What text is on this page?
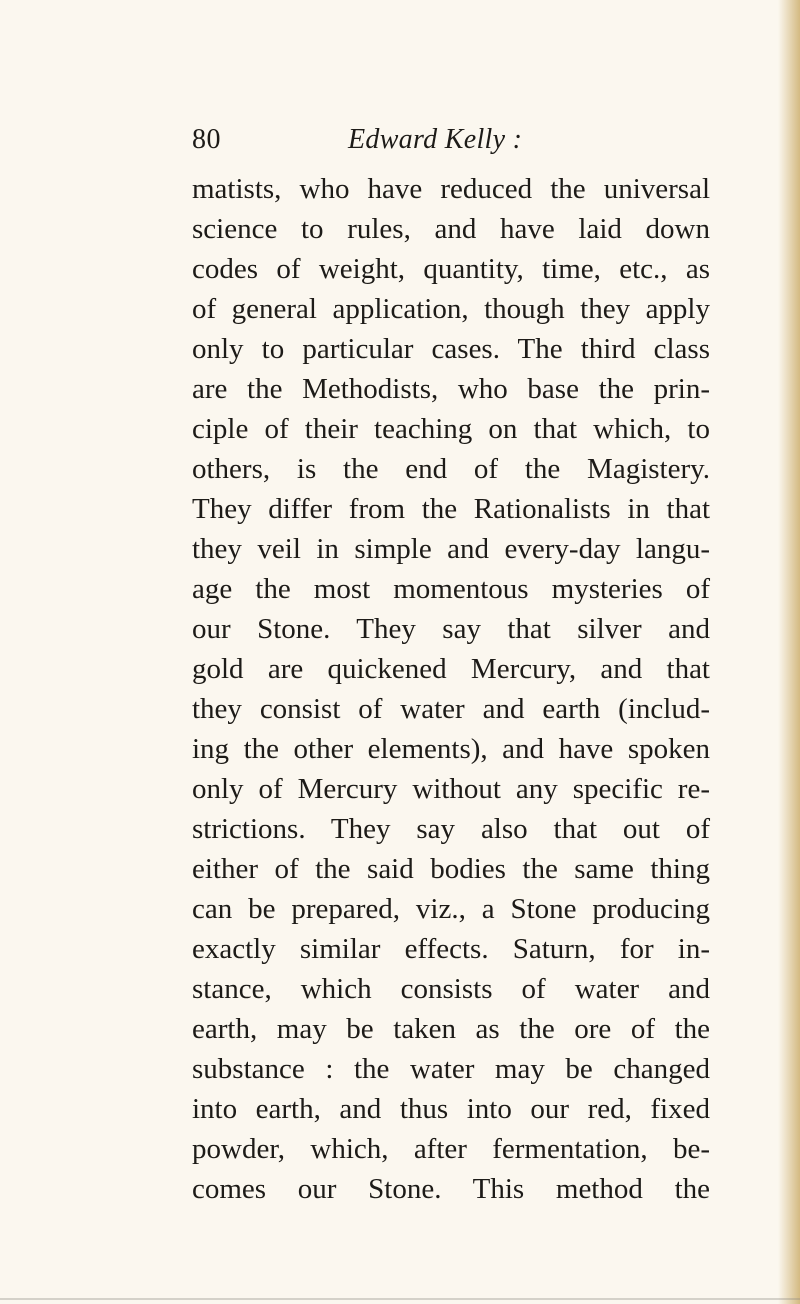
80	Edward Kelly :
matists, who have reduced the universal
science to rules, and have laid down
codes of weight, quantity, time, etc., as
of general application, though they apply
only to particular cases. The third class
are the Methodists, who base the prin-
ciple of their teaching on that which, to
others, is the end of the Magistery.
They differ from the Rationalists in that
they veil in simple and every-day langu-
age the most momentous mysteries of
our Stone. They say that silver and
gold are quickened Mercury, and that
they consist of water and earth (includ-
ing the other elements), and have spoken
only of Mercury without any specific re-
strictions. They say also that out of
either of the said bodies the same thing
can be prepared, viz., a Stone producing
exactly similar effects. Saturn, for in-
stance, which consists of water and
earth, may be taken as the ore of the
substance : the water may be changed
into earth, and thus into our red, fixed
powder, which, after fermentation, be-
comes our Stone. This method the
